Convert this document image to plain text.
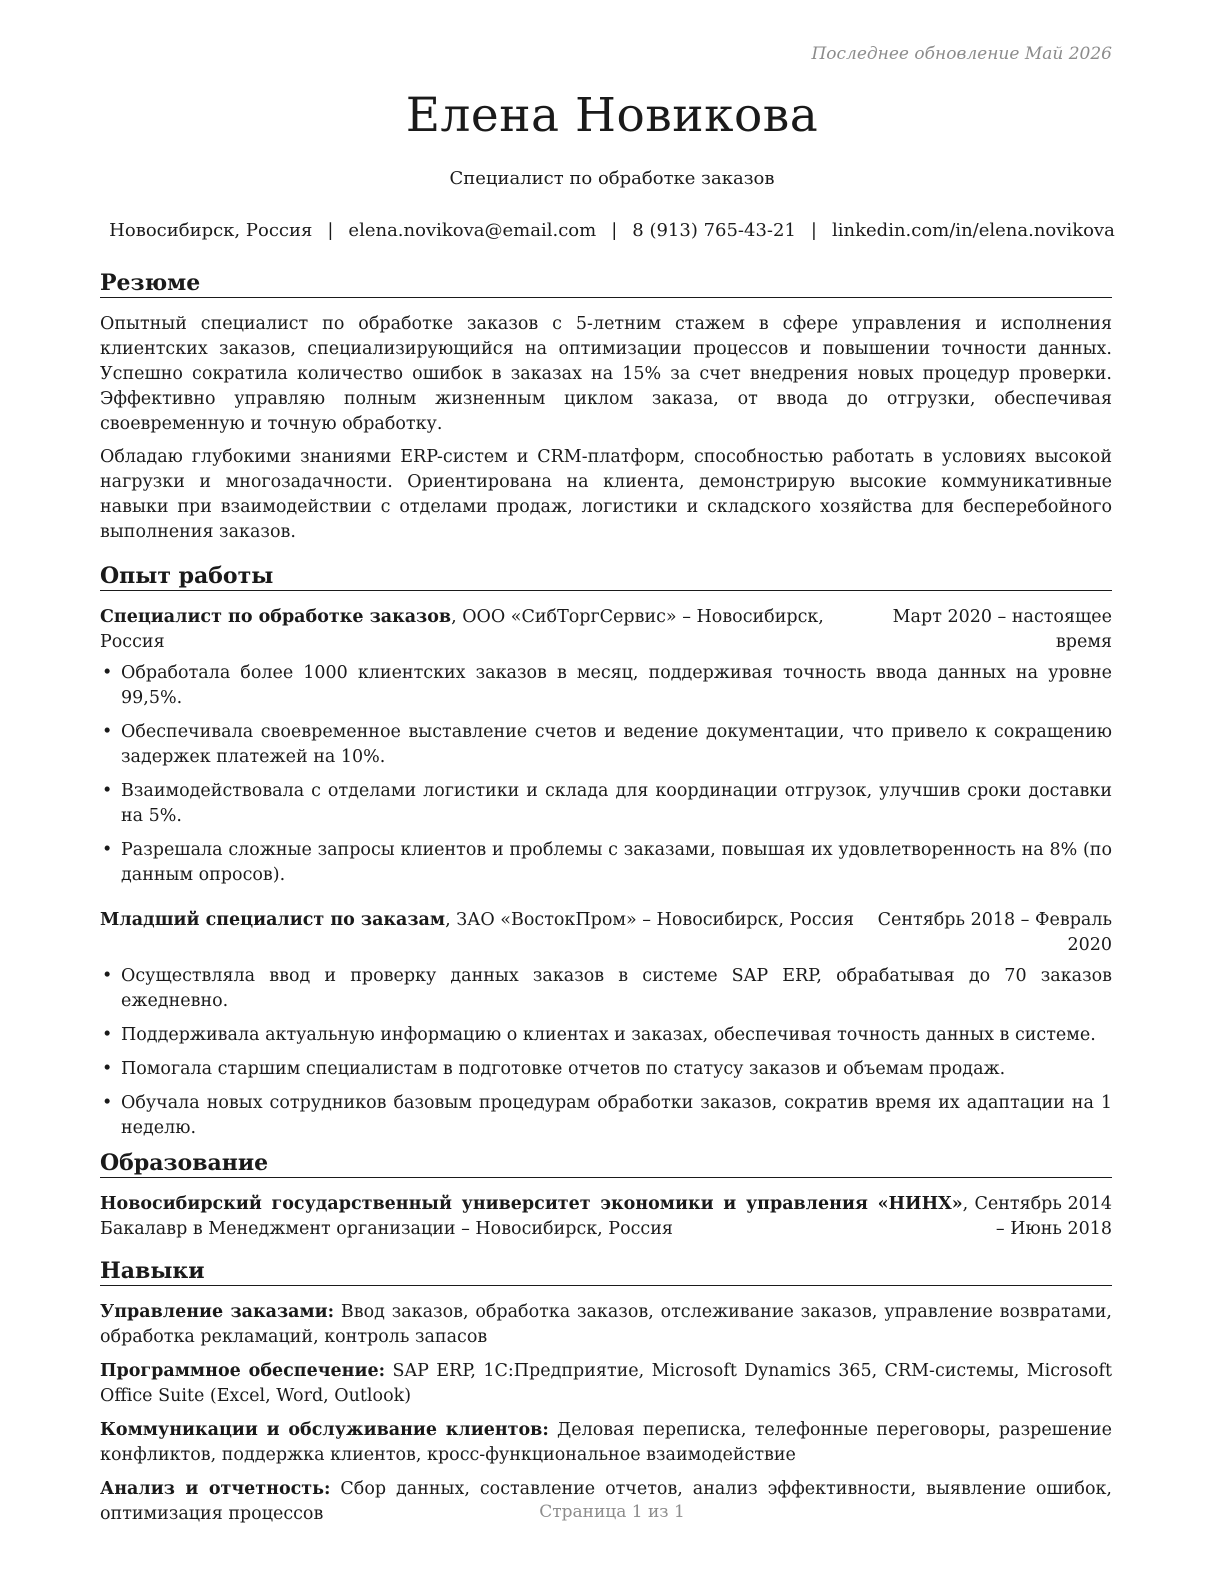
Последнее обновление Май 2026
Елена Новикова
Специалист по обработке заказов
Новосибирск, Россия | elena.novikova@email.com | 8 (913) 765-43-21 | linkedin.com/in/elena.novikova
Резюме

Опытный специалист по обработке заказов с 5-летним стажем в сфере управления и исполнения клиентских заказов, специализирующийся на оптимизации процессов и повышении точности данных. Успешно сократила количество ошибок в заказах на 15% за счет внедрения новых процедур проверки. Эффективно управляю полным жизненным циклом заказа, от ввода до отгрузки, обеспечивая своевременную и точную обработку.

Обладаю глубокими знаниями ERP-систем и CRM-платформ, способностью работать в условиях высокой нагрузки и многозадачности. Ориентирована на клиента, демонстрирую высокие коммуникативные навыки при взаимодействии с отделами продаж, логистики и складского хозяйства для бесперебойного выполнения заказов.

Опыт работы
Специалист по обработке заказов, ООО «СибТоргСервис» – Новосибирск, Россия
Март 2020 – настоящее время
• Обработала более 1000 клиентских заказов в месяц, поддерживая точность ввода данных на уровне 99,5%.
• Обеспечивала своевременное выставление счетов и ведение документации, что привело к сокращению задержек платежей на 10%.
• Взаимодействовала с отделами логистики и склада для координации отгрузок, улучшив сроки доставки на 5%.
• Разрешала сложные запросы клиентов и проблемы с заказами, повышая их удовлетворенность на 8% (по данным опросов).
Младший специалист по заказам, ЗАО «ВостокПром» – Новосибирск, Россия	Сентябрь 2018 – Февраль 2020
• Осуществляла ввод и проверку данных заказов в системе SAP ERP, обрабатывая до 70 заказов ежедневно.
• Поддерживала актуальную информацию о клиентах и заказах, обеспечивая точность данных в системе.
• Помогала старшим специалистам в подготовке отчетов по статусу заказов и объемам продаж.
• Обучала новых сотрудников базовым процедурам обработки заказов, сократив время их адаптации на 1 неделю.
Образование
Новосибирский государственный университет экономики и управления «НИНХ», Бакалавр в Менеджмент организации – Новосибирск, Россия
Сентябрь 2014 – Июнь 2018
Навыки
Управление заказами: Ввод заказов, обработка заказов, отслеживание заказов, управление возвратами, обработка рекламаций, контроль запасов
Программное обеспечение: SAP ERP, 1С:Предприятие, Microsoft Dynamics 365, CRM-системы, Microsoft Office Suite (Excel, Word, Outlook)
Коммуникации и обслуживание клиентов: Деловая переписка, телефонные переговоры, разрешение конфликтов, поддержка клиентов, кросс-функциональное взаимодействие
Анализ и отчетность: Сбор данных, составление отчетов, анализ эффективности, выявление ошибок, оптимизация процессов	Страница 1 из 1
